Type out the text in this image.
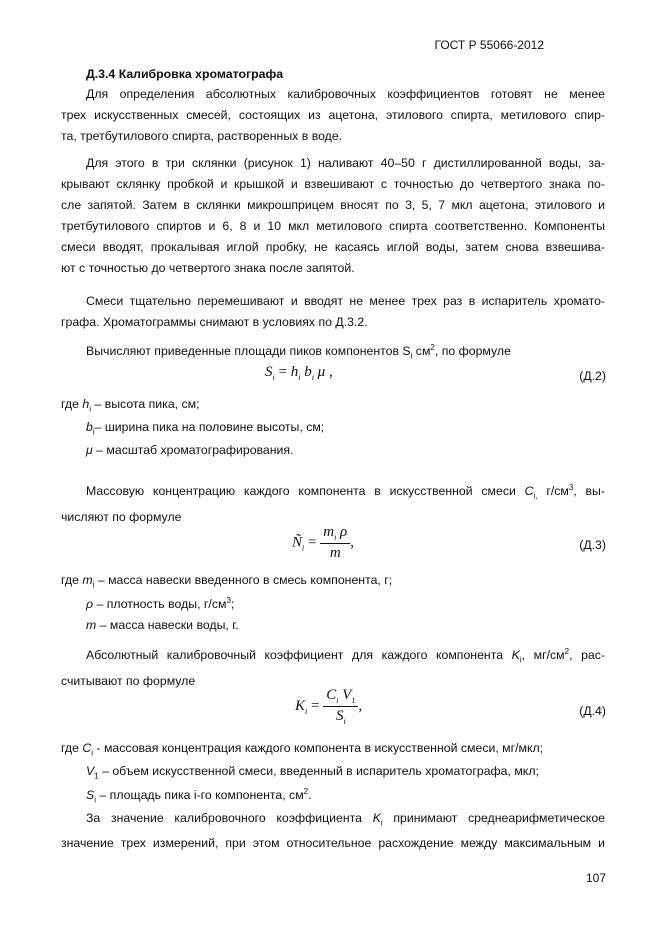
ГОСТ Р 55066-2012
Д.3.4 Калибровка хроматографа
Для определения абсолютных калибровочных коэффициентов готовят не менее
трех искусственных смесей, состоящих из ацетона, этилового спирта, метилового спир-
та, третбутилового спирта, растворенных в воде.
Для этого в три склянки (рисунок 1) наливают 40–50 г дистиллированной воды, за-
крывают склянку пробкой и крышкой и взвешивают с точностью до четвертого знака по-
сле запятой. Затем в склянки микрошприцем вносят по 3, 5, 7 мкл ацетона, этилового и
третбутилового спиртов и 6, 8 и 10 мкл метилового спирта соответственно. Компоненты
смеси вводят, прокалывая иглой пробку, не касаясь иглой воды, затем снова взвешива-
ют с точностью до четвертого знака после запятой.
Смеси тщательно перемешивают и вводят не менее трех раз в испаритель хромато-
графа. Хроматограммы снимают в условиях по Д.3.2.
Вычисляют приведенные площади пиков компонентов $S_i$ $см^2$, по формуле
$S_i = h_i$ $b_i$ μ ,	(Д.2)
где $h_i$ – высота пика, см;
$b_i-$ ширина пика на половине высоты, см;
μ – масштаб хроматографирования.
Массовую концентрацию каждого компонента в искусственной смеси $C_{i,}$ $г/см^3$, вы-
числяют по формуле
$Ñ_i = \frac{m_i \rho}{m}$ ,	(Д.3)
где $m_i$ – масса навески введенного в смесь компонента, г;
ρ – плотность воды, $г/см^3$;
m – масса навески воды, г.
Абсолютный калибровочный коэффициент для каждого компонента $K_i$, $мг/см^2$, рас-
считывают по формуле
$K_i = \frac{C_i V_1}{S_i}$ ,	(Д.4)
где $C_i$ - массовая концентрация каждого компонента в искусственной смеси, мг/мкл;
$V_1$ – объем искусственной смеси, введенный в испаритель хроматографа, мкл;
$S_i$ – площадь пика i-го компонента, $см^2$.
За значение калибровочного коэффициента $K_i$ принимают среднеарифметическое
значение трех измерений, при этом относительное расхождение между максимальным и
107
